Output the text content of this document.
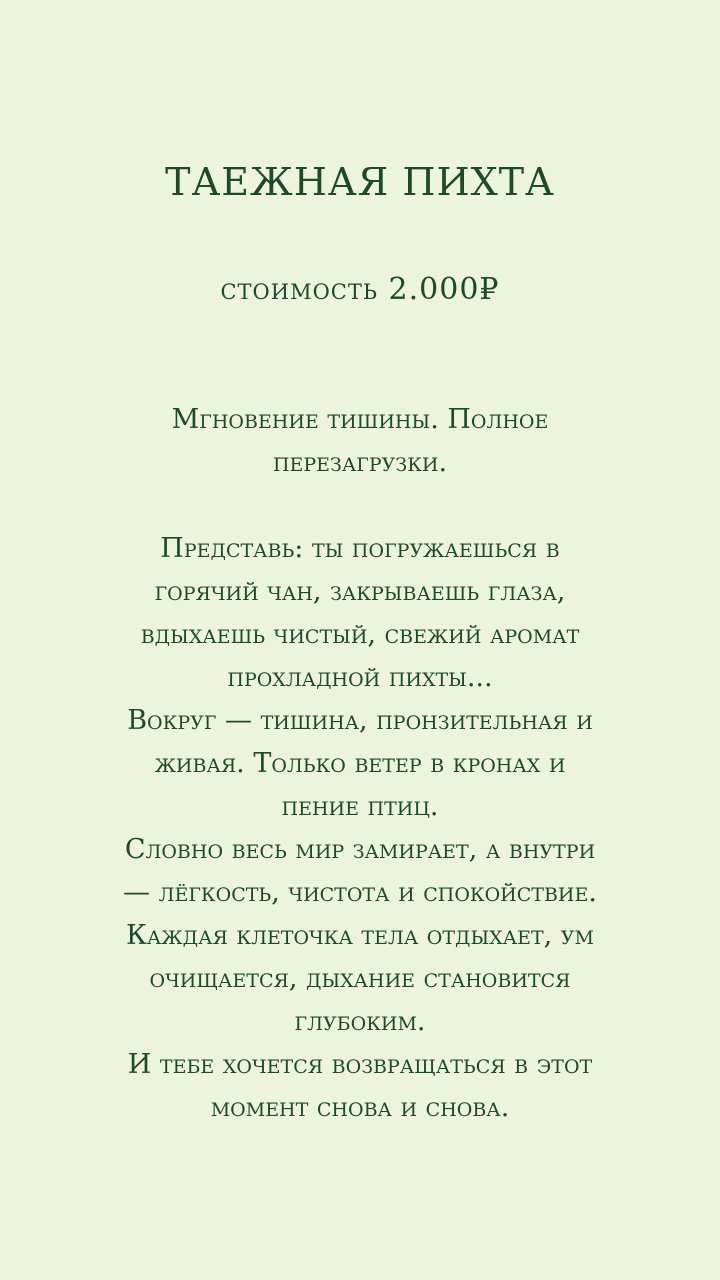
ТАЕЖНАЯ ПИХТА
стоимость 2.000₽

Мгновение тишины. Полное
перезагрузки.

Представь: ты погружаешься в
горячий чан, закрываешь глаза,
вдыхаешь чистый, свежий аромат
прохладной пихты...

Вокруг — тишина, пронзительная и
живая. Только ветер в кронах и
пение птиц.

Словно весь мир замирает, а внутри
— лёгкость, чистота и спокойствие.

Каждая клеточка тела отдыхает, ум
очищается, дыхание становится
глубоким.

И тебе хочется возвращаться в этот
момент снова и снова.
